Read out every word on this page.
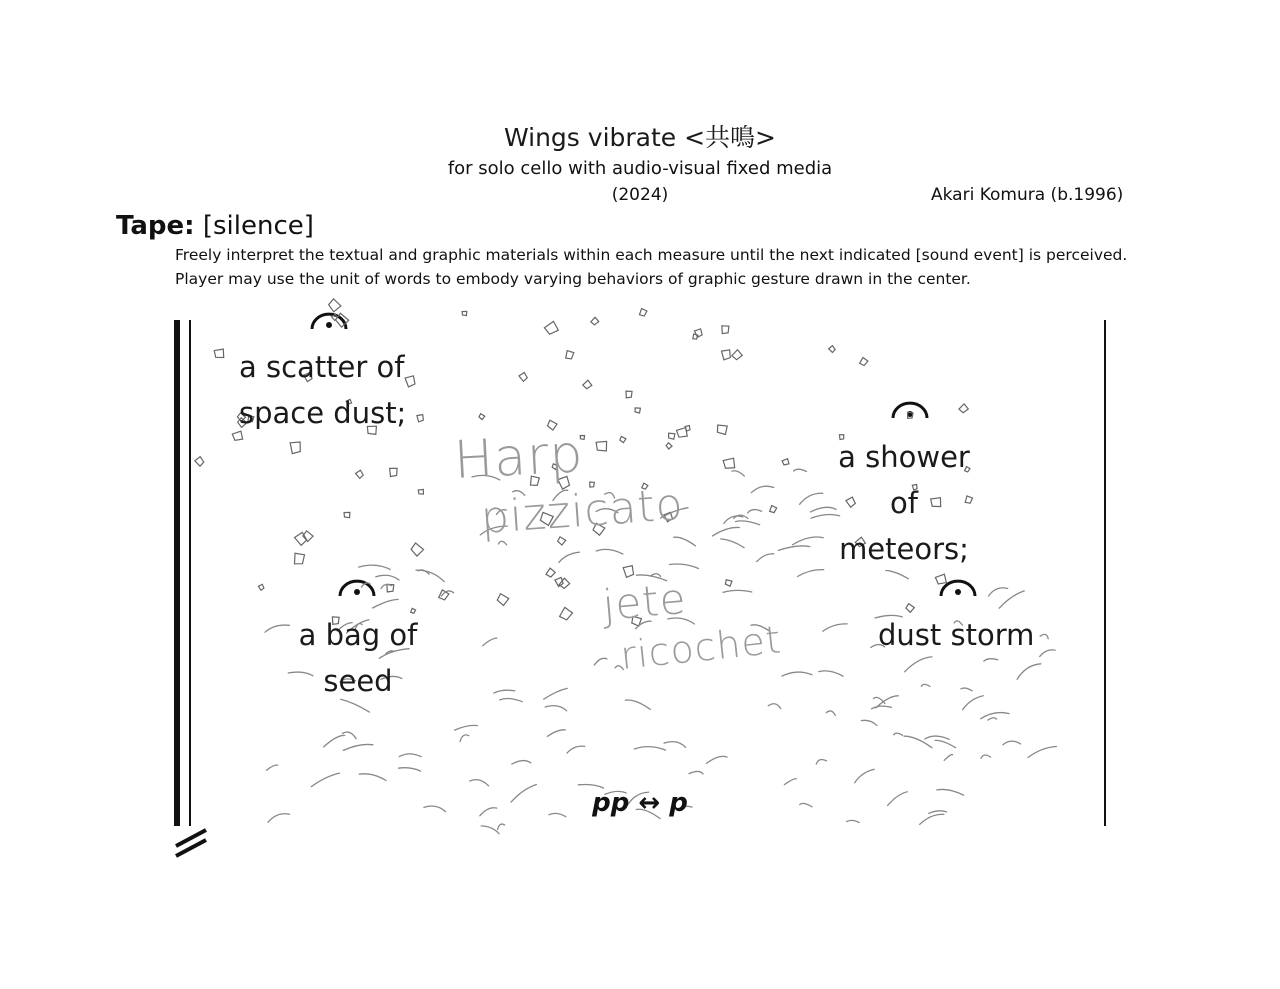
Wings vibrate <共鳴>
for solo cello with audio-visual fixed media
(2024)	Akari Komura (b.1996)
Tape: [silence]
Freely interpret the textual and graphic materials within each measure until the next indicated [sound event] is perceived.
Player may use the unit of words to embody varying behaviors of graphic gesture drawn in the center.
Harp
pizzicato
jete
ricochet
a scatter of
space dust;
a shower of
meteors;
a bag of
seed
dust storm
pp ↔ p
